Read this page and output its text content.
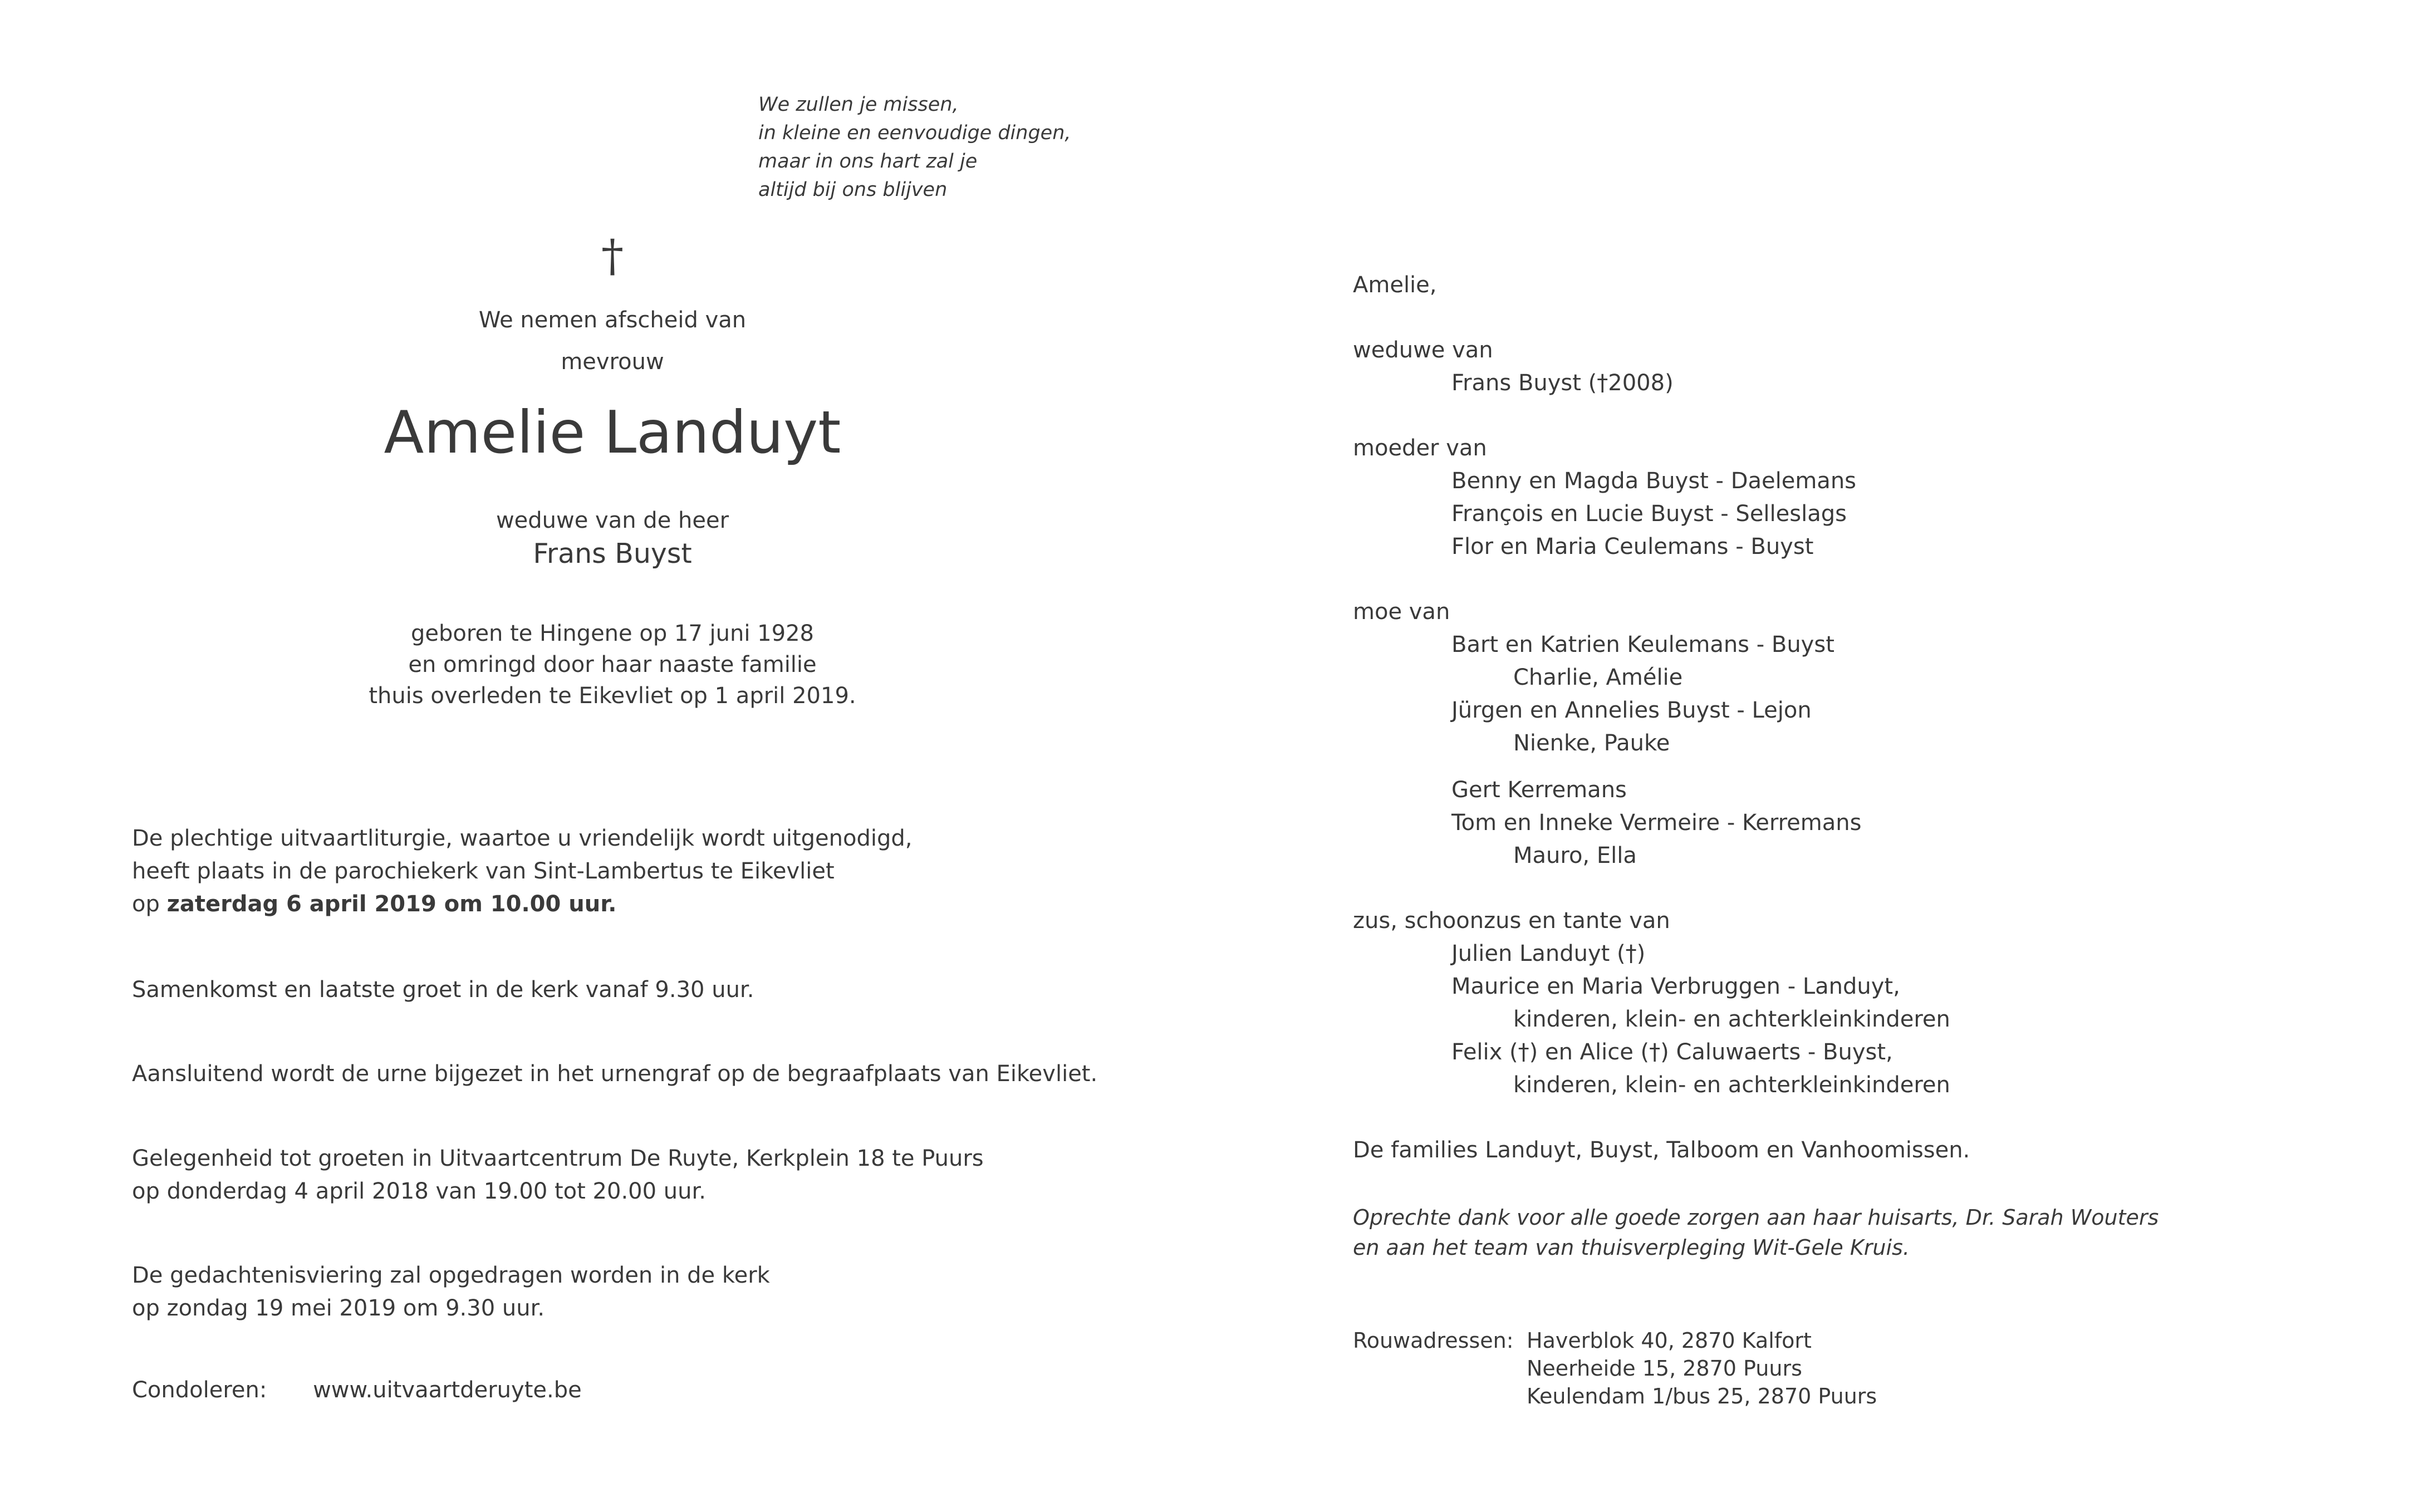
We zullen je missen,
in kleine en eenvoudige dingen,
maar in ons hart zal je
altijd bij ons blijven
†
We nemen afscheid van
mevrouw
Amelie Landuyt
weduwe van de heer
Frans Buyst
geboren te Hingene op 17 juni 1928
en omringd door haar naaste familie
thuis overleden te Eikevliet op 1 april 2019.
De plechtige uitvaartliturgie, waartoe u vriendelijk wordt uitgenodigd,
heeft plaats in de parochiekerk van Sint-Lambertus te Eikevliet
op zaterdag 6 april 2019 om 10.00 uur.
Samenkomst en laatste groet in de kerk vanaf 9.30 uur.
Aansluitend wordt de urne bijgezet in het urnengraf op de begraafplaats van Eikevliet.
Gelegenheid tot groeten in Uitvaartcentrum De Ruyte, Kerkplein 18 te Puurs
op donderdag 4 april 2018 van 19.00 tot 20.00 uur.
De gedachtenisviering zal opgedragen worden in de kerk
op zondag 19 mei 2019 om 9.30 uur.
Condoleren: www.uitvaartderuyte.be
Amelie,
weduwe van
Frans Buyst (†2008)
moeder van
Benny en Magda Buyst - Daelemans
François en Lucie Buyst - Selleslags
Flor en Maria Ceulemans - Buyst
moe van
Bart en Katrien Keulemans - Buyst
Charlie, Amélie
Jürgen en Annelies Buyst - Lejon
Nienke, Pauke
Gert Kerremans
Tom en Inneke Vermeire - Kerremans
Mauro, Ella
zus, schoonzus en tante van
Julien Landuyt (†)
Maurice en Maria Verbruggen - Landuyt,
kinderen, klein- en achterkleinkinderen
Felix (†) en Alice (†) Caluwaerts - Buyst,
kinderen, klein- en achterkleinkinderen
De families Landuyt, Buyst, Talboom en Vanhoomissen.
Oprechte dank voor alle goede zorgen aan haar huisarts, Dr. Sarah Wouters
en aan het team van thuisverpleging Wit-Gele Kruis.
Rouwadressen: Haverblok 40, 2870 Kalfort
Neerheide 15, 2870 Puurs
Keulendam 1/bus 25, 2870 Puurs
